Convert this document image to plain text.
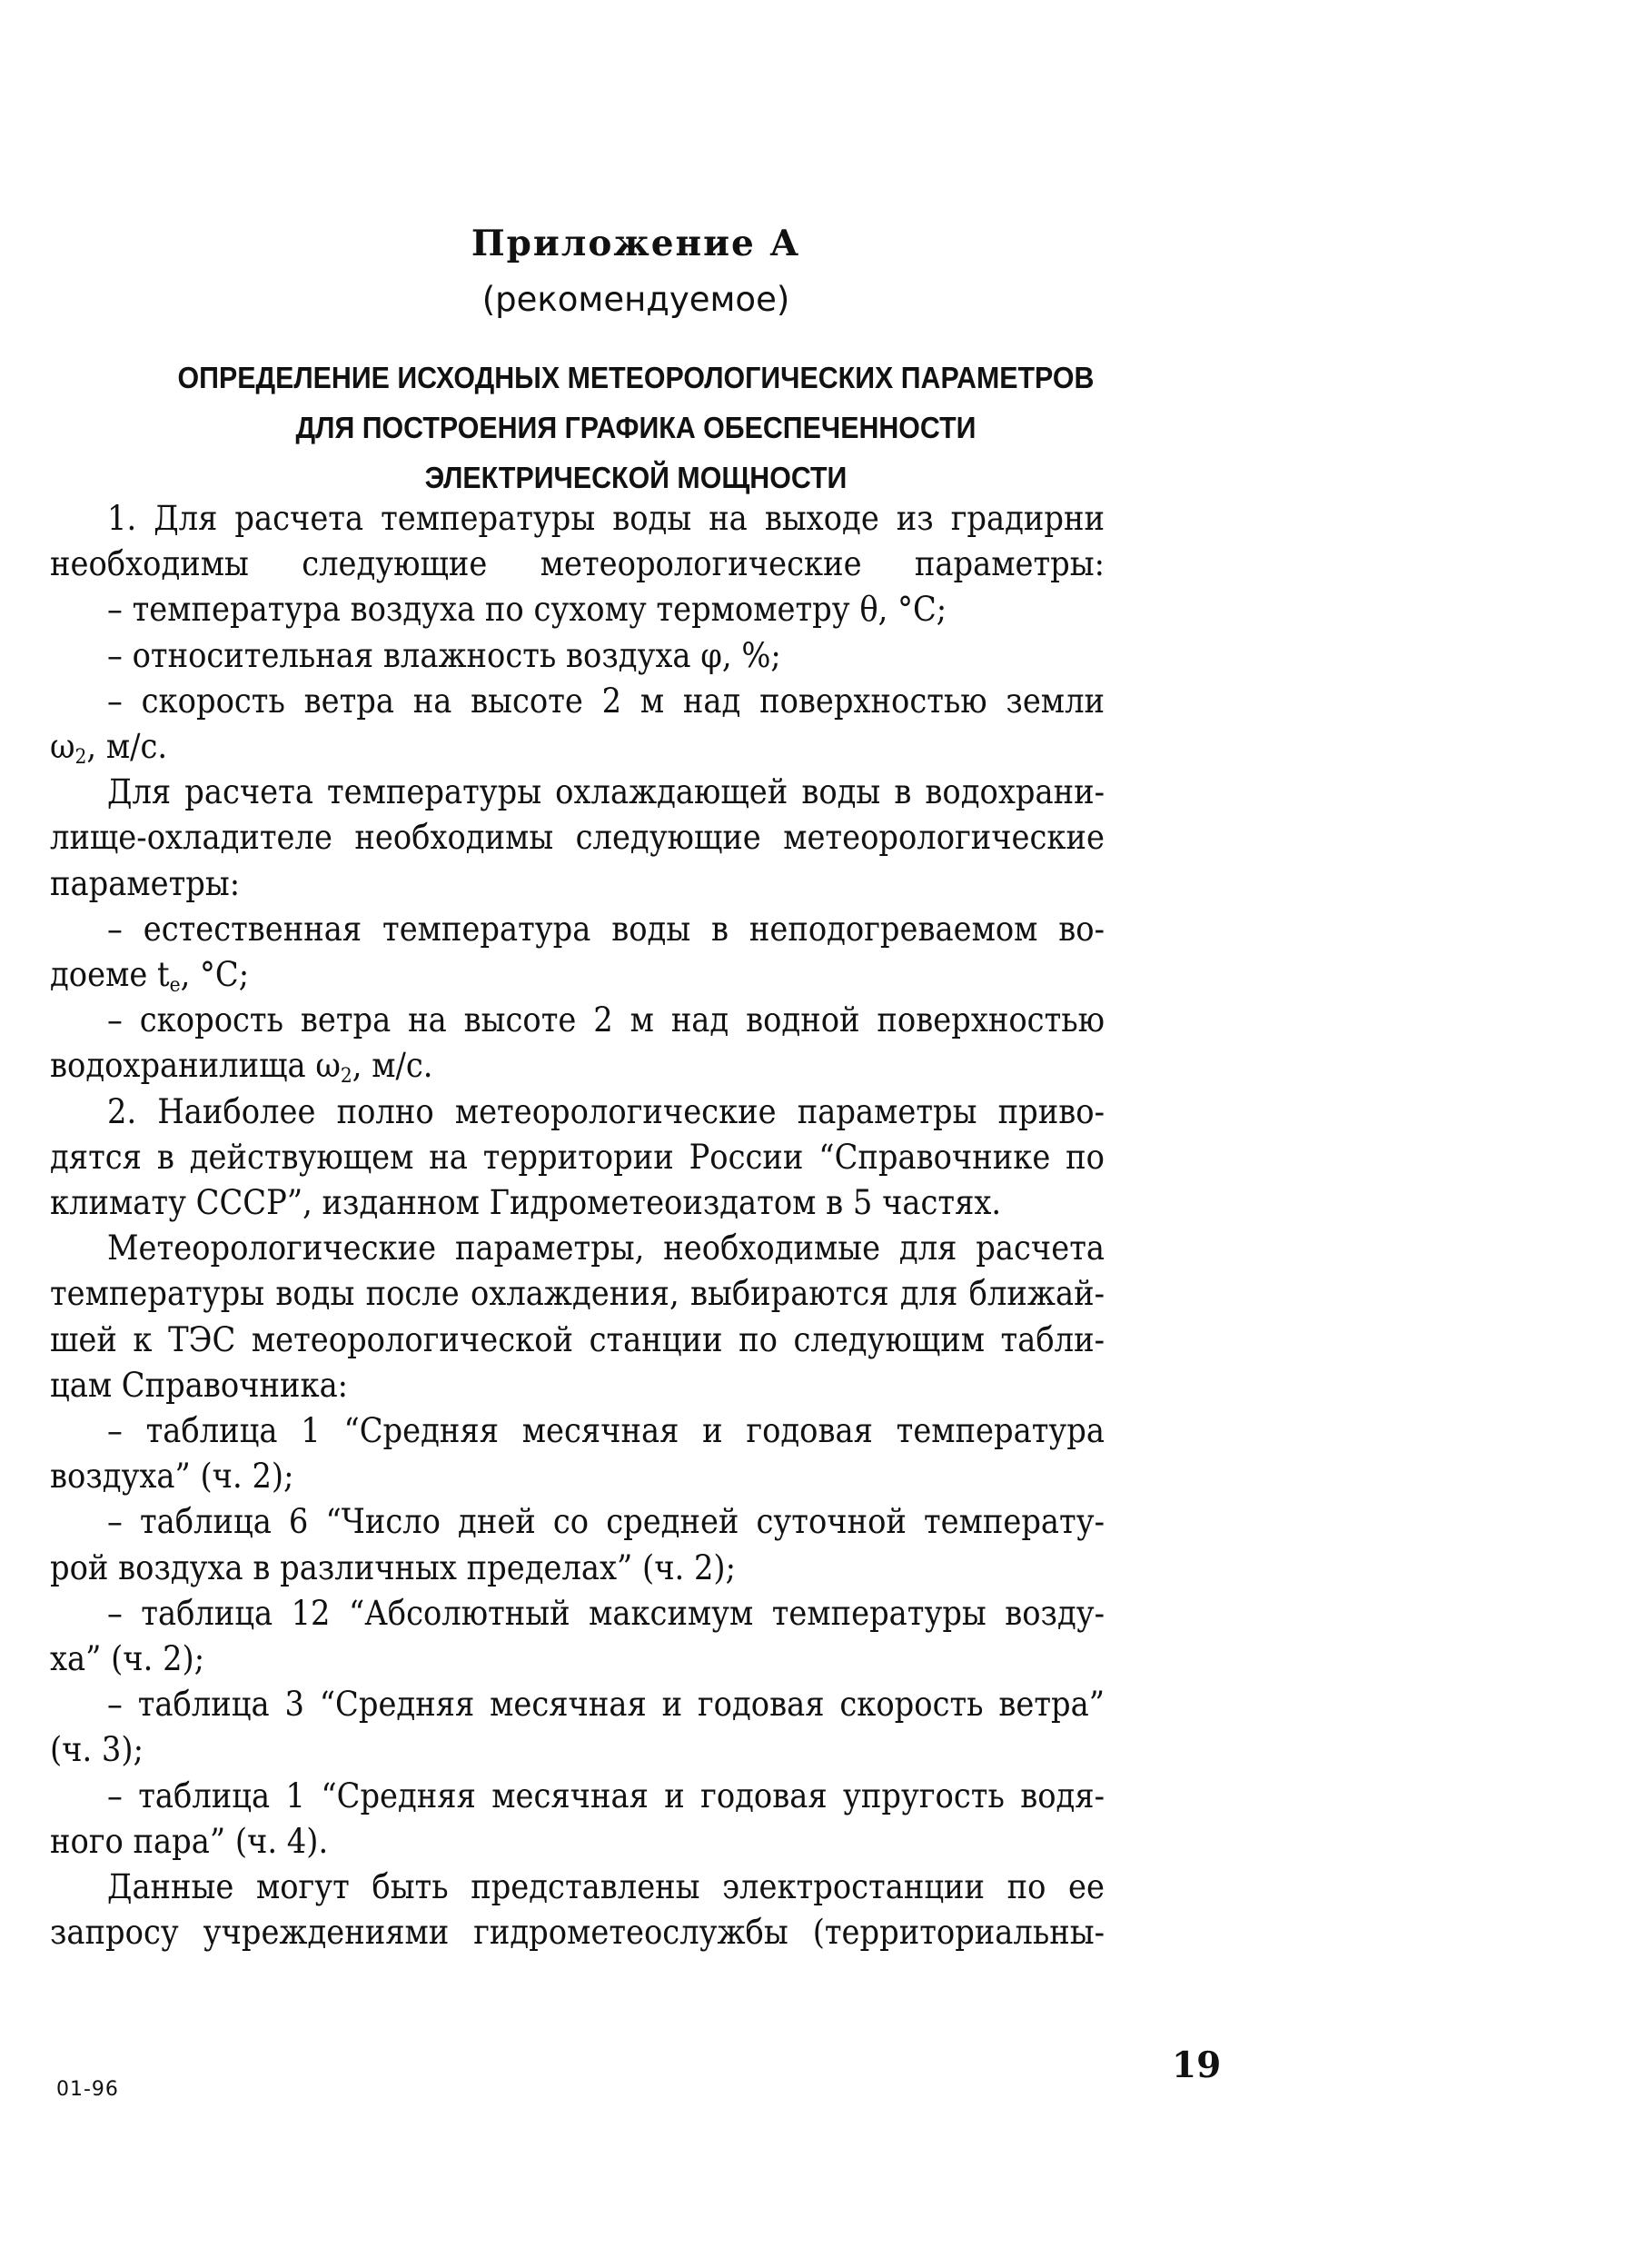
Приложение А
(рекомендуемое)
ОПРЕДЕЛЕНИЕ ИСХОДНЫХ МЕТЕОРОЛОГИЧЕСКИХ ПАРАМЕТРОВ
ДЛЯ ПОСТРОЕНИЯ ГРАФИКА ОБЕСПЕЧЕННОСТИ
ЭЛЕКТРИЧЕСКОЙ МОЩНОСТИ

1. Для расчета температуры воды на выходе из градирни

необходимы следующие метеорологические параметры:

– температура воздуха по сухому термометру θ, °С;

– относительная влажность воздуха φ, %;

– скорость ветра на высоте 2 м над поверхностью земли

$\omega_2$, м/с.

Для расчета температуры охлаждающей воды в водохрани-

лище-охладителе необходимы следующие метеорологические

параметры:

– естественная температура воды в неподогреваемом во-

доеме $t_е$, °С;

– скорость ветра на высоте 2 м над водной поверхностью

водохранилища $\omega_2$, м/с.

2. Наиболее полно метеорологические параметры приво-

дятся в действующем на территории России “Справочнике по

климату СССР”, изданном Гидрометеоиздатом в 5 частях.

Метеорологические параметры, необходимые для расчета

температуры воды после охлаждения, выбираются для ближай-

шей к ТЭС метеорологической станции по следующим табли-

цам Справочника:

– таблица 1 “Средняя месячная и годовая температура

воздуха” (ч. 2);

– таблица 6 “Число дней со средней суточной температу-

рой воздуха в различных пределах” (ч. 2);

– таблица 12 “Абсолютный максимум температуры возду-

ха” (ч. 2);

– таблица 3 “Средняя месячная и годовая скорость ветра”

(ч. 3);

– таблица 1 “Средняя месячная и годовая упругость водя-

ного пара” (ч. 4).

Данные могут быть представлены электростанции по ее

запросу учреждениями гидрометеослужбы (территориальны-

01-96
19
